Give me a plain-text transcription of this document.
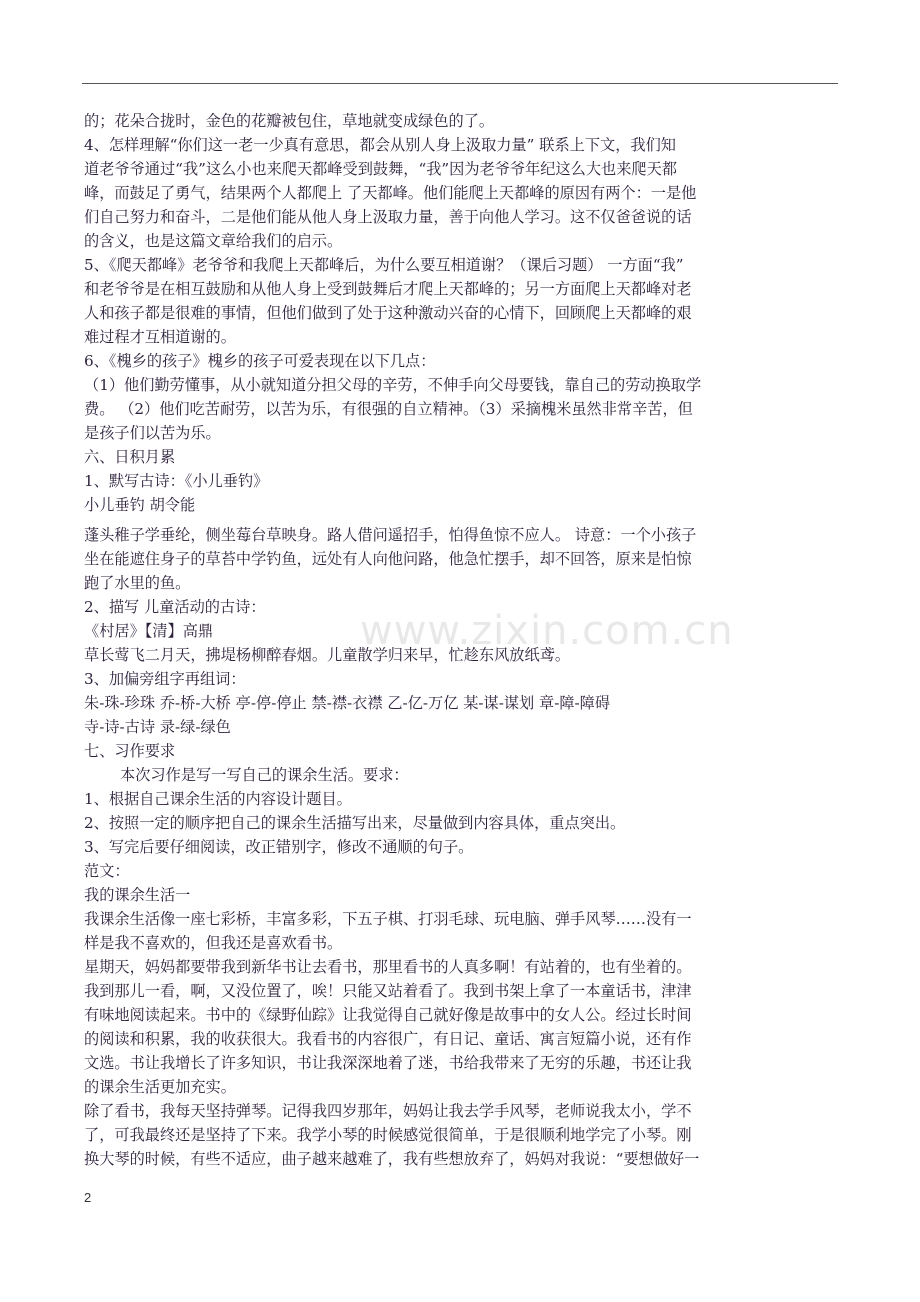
www.zixin.com.cn
的；花朵合拢时，金色的花瓣被包住，草地就变成绿色的了。
4、怎样理解“你们这一老一少真有意思，都会从别人身上汲取力量” 联系上下文，我们知
道老爷爷通过“我”这么小也来爬天都峰受到鼓舞，“我”因为老爷爷年纪这么大也来爬天都
峰，而鼓足了勇气，结果两个人都爬上 了天都峰。他们能爬上天都峰的原因有两个：一是他
们自己努力和奋斗，二是他们能从他人身上汲取力量，善于向他人学习。这不仅爸爸说的话
的含义，也是这篇文章给我们的启示。
5、《爬天都峰》老爷爷和我爬上天都峰后，为什么要互相道谢？（课后习题） 一方面“我”
和老爷爷是在相互鼓励和从他人身上受到鼓舞后才爬上天都峰的；另一方面爬上天都峰对老
人和孩子都是很难的事情，但他们做到了处于这种激动兴奋的心情下，回顾爬上天都峰的艰
难过程才互相道谢的。
6、《槐乡的孩子》槐乡的孩子可爱表现在以下几点：
（1）他们勤劳懂事，从小就知道分担父母的辛劳，不伸手向父母要钱，靠自己的劳动换取学
费。 （2）他们吃苦耐劳，以苦为乐，有很强的自立精神。（3）采摘槐米虽然非常辛苦，但
是孩子们以苦为乐。
六、日积月累
1、默写古诗：《小儿垂钓》
小儿垂钓 胡令能
蓬头稚子学垂纶，侧坐莓台草映身。路人借问遥招手，怕得鱼惊不应人。 诗意：一个小孩子
坐在能遮住身子的草苔中学钓鱼，远处有人向他问路，他急忙摆手，却不回答，原来是怕惊
跑了水里的鱼。
2、描写 儿童活动的古诗：
《村居》【清】高鼎
草长莺飞二月天，拂堤杨柳醉春烟。儿童散学归来早，忙趁东风放纸鸢。
3、加偏旁组字再组词：
朱-珠-珍珠 乔-桥-大桥 亭-停-停止 禁-襟-衣襟 乙-亿-万亿 某-谋-谋划 章-障-障碍
寺-诗-古诗 录-绿-绿色
七、习作要求
本次习作是写一写自己的课余生活。要求：
1、根据自己课余生活的内容设计题目。
2、按照一定的顺序把自己的课余生活描写出来，尽量做到内容具体，重点突出。
3、写完后要仔细阅读，改正错别字，修改不通顺的句子。
范文：
我的课余生活一
我课余生活像一座七彩桥，丰富多彩，下五子棋、打羽毛球、玩电脑、弹手风琴……没有一
样是我不喜欢的，但我还是喜欢看书。
星期天，妈妈都要带我到新华书让去看书，那里看书的人真多啊！有站着的，也有坐着的。
我到那儿一看，啊，又没位置了，唉！只能又站着看了。我到书架上拿了一本童话书，津津
有味地阅读起来。书中的《绿野仙踪》让我觉得自己就好像是故事中的女人公。经过长时间
的阅读和积累，我的收获很大。我看书的内容很广，有日记、童话、寓言短篇小说，还有作
文选。书让我增长了许多知识，书让我深深地着了迷，书给我带来了无穷的乐趣，书还让我
的课余生活更加充实。
除了看书，我每天坚持弹琴。记得我四岁那年，妈妈让我去学手风琴，老师说我太小，学不
了，可我最终还是坚持了下来。我学小琴的时候感觉很简单，于是很顺利地学完了小琴。刚
换大琴的时候，有些不适应，曲子越来越难了，我有些想放弃了，妈妈对我说：“要想做好一
2
